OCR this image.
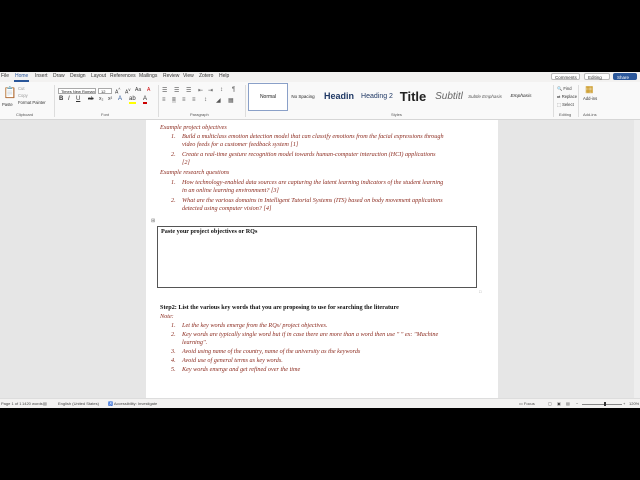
File Home Insert Draw Design Layout References Mailings Review View Zotero Help	Comments	Editing	Share
📋
Paste
Cut
Copy
Format Painter
Clipboard
Times New Roman	12	A^
$A^v$ Aa A
B I U ab x₂ x² A ab A
Font
☰ ☰ ☰ ⇤ ⇥ ↕ ¶
≡ ≡ ≡ ≡ ↕ ◢ ▦
Paragraph
Normal	No Spacing Headin Heading 2 Title Subtitl Subtle Emphasis Emphasis
Styles
🔍 Find
⇄ Replace
⬚ Select
Editing
▦
Add-ins
Add-ins
Example project objectives
1. Build a multiclass emotion detection model that can classify emotions from the facial expressions through
video feeds for a customer feedback system [1]
2. Create a real-time gesture recognition model towards human-computer interaction (HCI) applications
[2]
Example research questions
1. How technology-enabled data sources are capturing the latent learning indicators of the student learning
in an online learning environment? [3]
2. What are the various domains in Intelligent Tutorial Systems (ITS) based on body movement applications
detected using computer vision? [4]
⊞
Paste your project objectives or RQs
□
Step2: List the various key words that you are proposing to use for searching the literature
Note:
1. Let the key words emerge from the RQs/ project objectives.
2. Key words are typically single word but if in case there are more than a word then use " " ex: "Machine
learning".
3. Avoid using name of the country, name of the university as the keywords
4. Avoid use of general terms as key words.
5. Key words emerge and get refined over the time
Page 1 of 1 1420 words ▤	English (United States) ♿ Accessibility: Investigate	▭ Focus	▢ ▣ ▤ −	+ 120%
